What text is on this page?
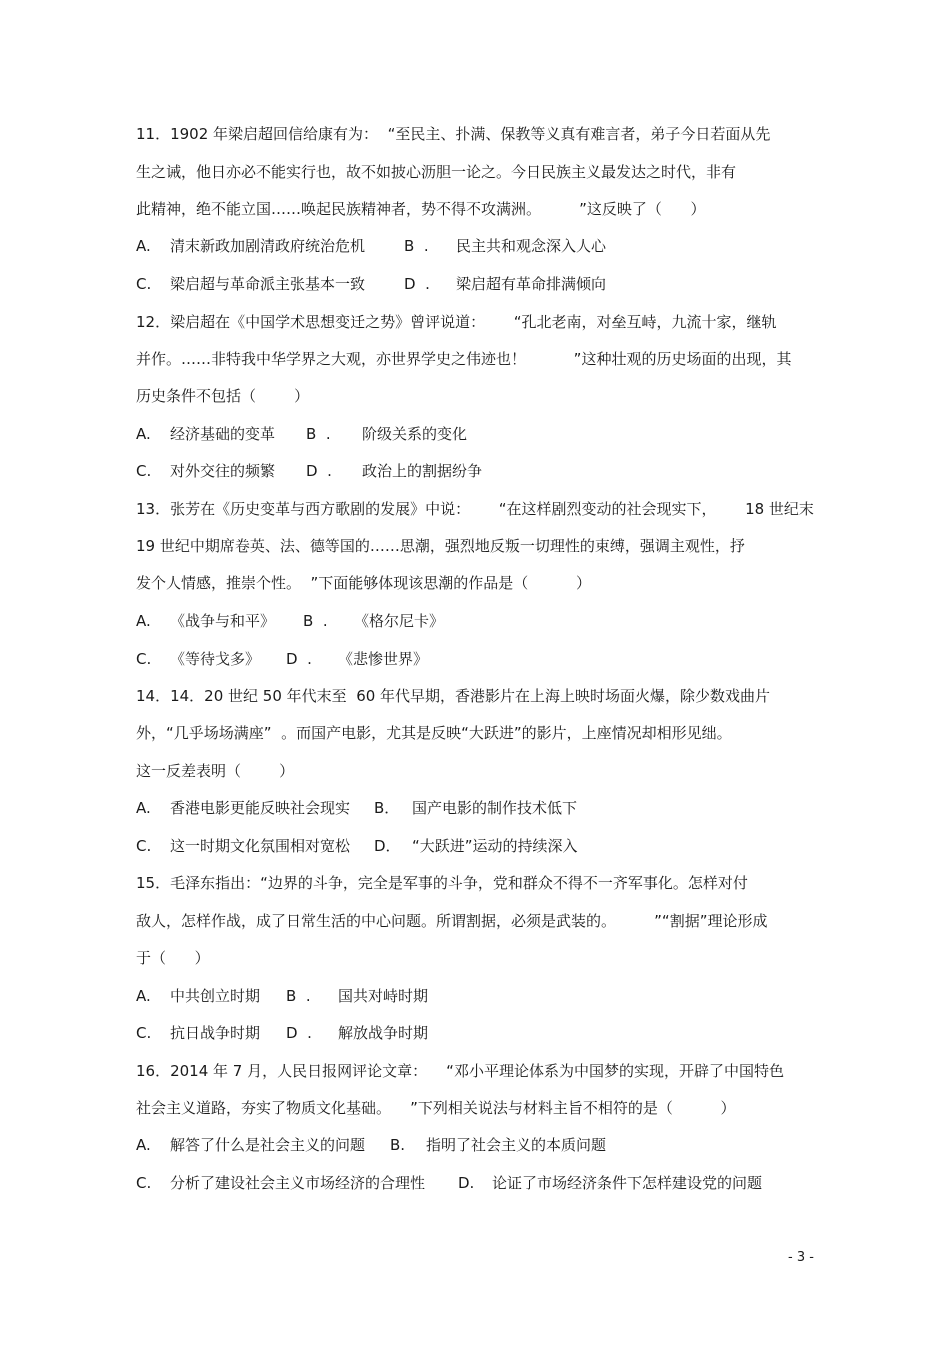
11．1902 年梁启超回信给康有为：  “至民主、扑满、保教等义真有难言者，弟子今日若面从先
生之诫，他日亦必不能实行也，故不如披心沥胆一论之。今日民族主义最发达之时代，非有
此精神，绝不能立国……唤起民族精神者，势不得不攻满洲。        ”这反映了（      ）
A. 清末新政加剧清政府统治危机	B  . 民主共和观念深入人心
C. 梁启超与革命派主张基本一致	D  . 梁启超有革命排满倾向
12．梁启超在《中国学术思想变迁之势》曾评说道：      “孔北老南，对垒互峙，九流十家，继轨
并作。……非特我中华学界之大观，亦世界学史之伟迹也！          ”这种壮观的历史场面的出现，其
历史条件不包括（        ）
A. 经济基础的变革 B  . 阶级关系的变化
C. 对外交往的频繁 D  . 政治上的割据纷争
13．张芳在《历史变革与西方歌剧的发展》中说：      “在这样剧烈变动的社会现实下，      18 世纪末
19 世纪中期席卷英、法、德等国的……思潮，强烈地反叛一切理性的束缚，强调主观性，抒
发个人情感，推崇个性。  ”下面能够体现该思潮的作品是（          ）
A. 《战争与和平》 B  . 《格尔尼卡》
C. 《等待戈多》 D  . 《悲惨世界》
14．14．20 世纪 50 年代末至  60 年代早期，香港影片在上海上映时场面火爆，除少数戏曲片
外，“几乎场场满座”  。而国产电影，尤其是反映“大跃进”的影片，上座情况却相形见绌。
这一反差表明（        ）
A. 香港电影更能反映社会现实 B． 国产电影的制作技术低下
C. 这一时期文化氛围相对宽松 D． “大跃进”运动的持续深入
15．毛泽东指出：“边界的斗争，完全是军事的斗争，党和群众不得不一齐军事化。怎样对付
敌人，怎样作战，成了日常生活的中心问题。所谓割据，必须是武装的。        ”“割据”理论形成
于（      ）
A. 中共创立时期 B  . 国共对峙时期
C. 抗日战争时期 D  . 解放战争时期
16．2014 年 7 月，人民日报网评论文章：    “邓小平理论体系为中国梦的实现，开辟了中国特色
社会主义道路，夯实了物质文化基础。    ”下列相关说法与材料主旨不相符的是（          ）
A. 解答了什么是社会主义的问题 B. 指明了社会主义的本质问题
C. 分析了建设社会主义市场经济的合理性 D. 论证了市场经济条件下怎样建设党的问题
- 3 -
